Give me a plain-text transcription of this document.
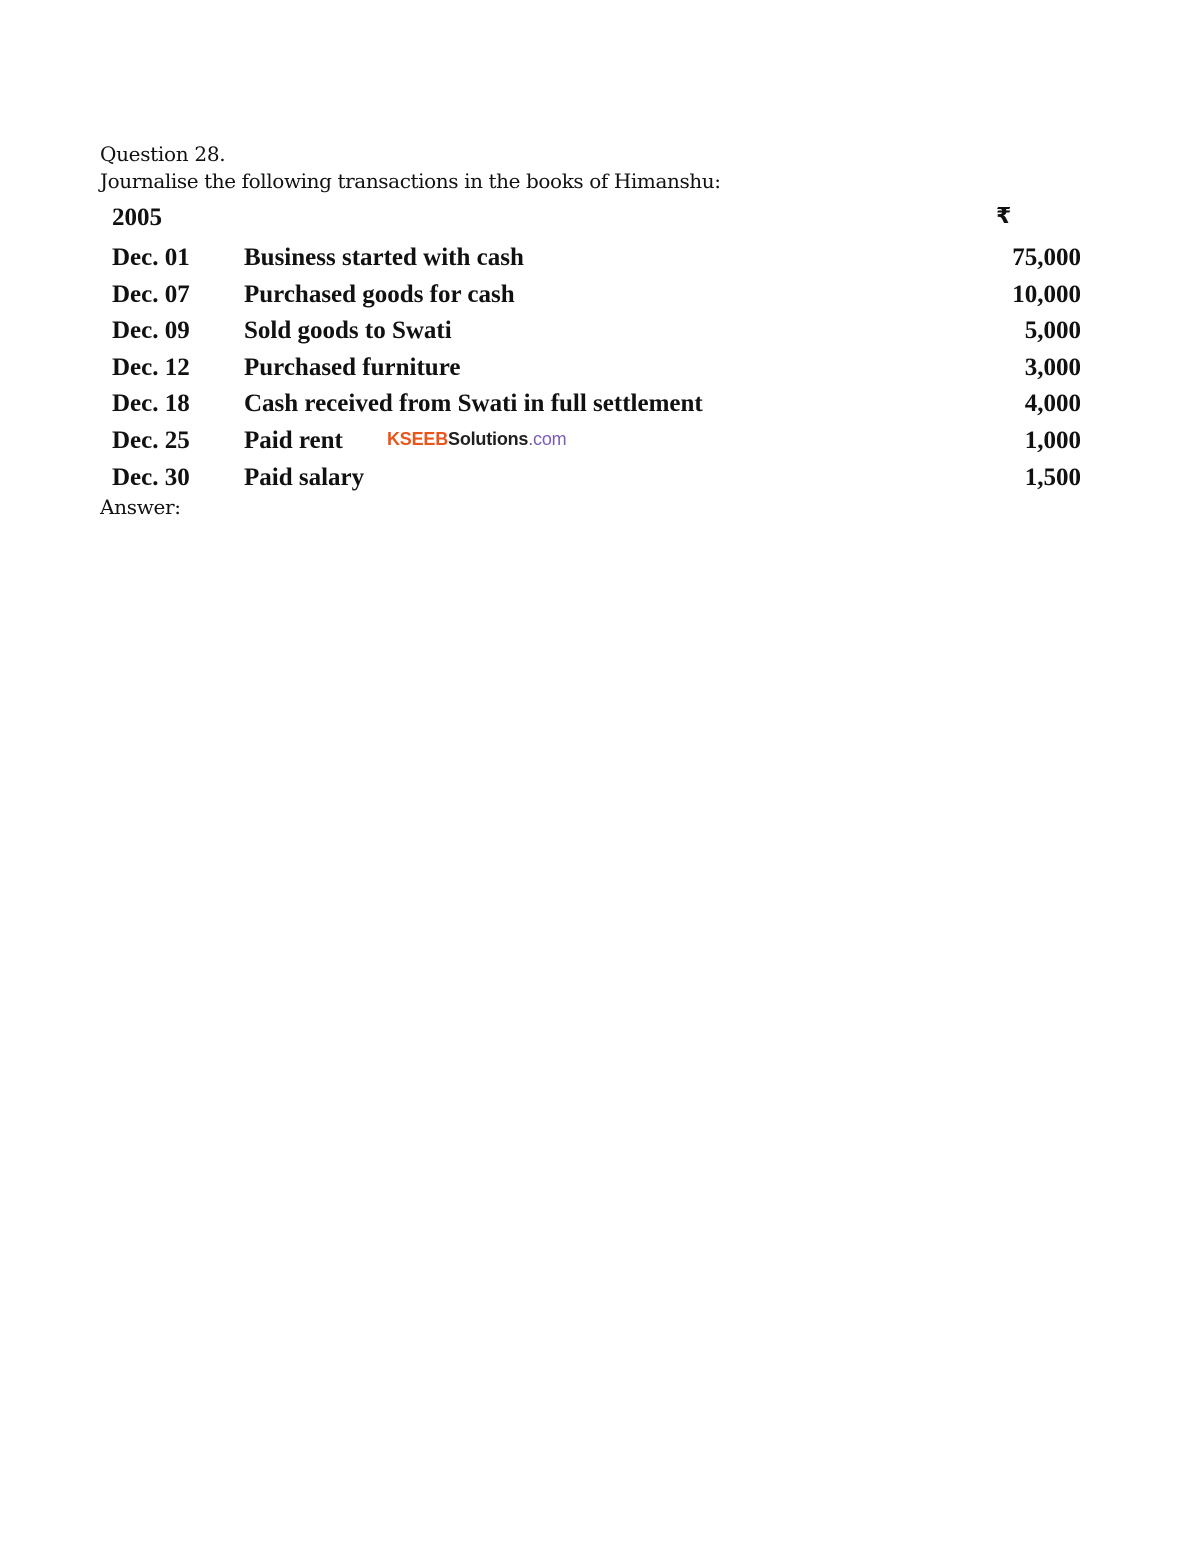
Question 28.
Journalise the following transactions in the books of Himanshu:
2005	₹
Dec. 01 Business started with cash	75,000
Dec. 07 Purchased goods for cash	10,000
Dec. 09 Sold goods to Swati	5,000
Dec. 12 Purchased furniture	3,000
Dec. 18 Cash received from Swati in full settlement	4,000
Dec. 25 Paid rent	1,000
Dec. 30 Paid salary	1,500
KSEEBSolutions.com
Answer:
